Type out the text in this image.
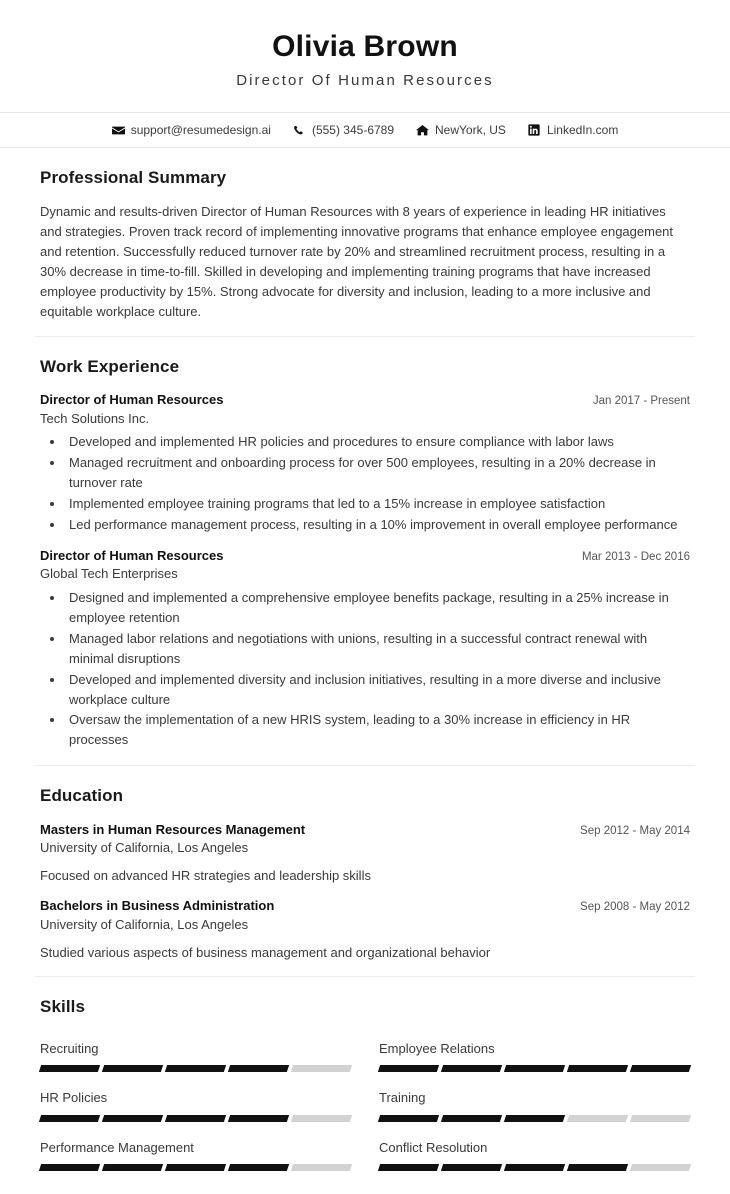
Olivia Brown
Director Of Human Resources
support@resumedesign.ai	(555) 345-6789	NewYork, US	LinkedIn.com
Professional Summary

Dynamic and results-driven Director of Human Resources with 8 years of experience in leading HR initiatives and strategies. Proven track record of implementing innovative programs that enhance employee engagement and retention. Successfully reduced turnover rate by 20% and streamlined recruitment process, resulting in a 30% decrease in time-to-fill. Skilled in developing and implementing training programs that have increased employee productivity by 15%. Strong advocate for diversity and inclusion, leading to a more inclusive and equitable workplace culture.

Work Experience
Director of Human Resources	Jan 2017 - Present
Tech Solutions Inc.
• Developed and implemented HR policies and procedures to ensure compliance with labor laws
• Managed recruitment and onboarding process for over 500 employees, resulting in a 20% decrease in turnover rate
• Implemented employee training programs that led to a 15% increase in employee satisfaction
• Led performance management process, resulting in a 10% improvement in overall employee performance
Director of Human Resources	Mar 2013 - Dec 2016
Global Tech Enterprises
• Designed and implemented a comprehensive employee benefits package, resulting in a 25% increase in employee retention
• Managed labor relations and negotiations with unions, resulting in a successful contract renewal with minimal disruptions
• Developed and implemented diversity and inclusion initiatives, resulting in a more diverse and inclusive workplace culture
• Oversaw the implementation of a new HRIS system, leading to a 30% increase in efficiency in HR processes
Education
Masters in Human Resources Management	Sep 2012 - May 2014
University of California, Los Angeles
Focused on advanced HR strategies and leadership skills
Bachelors in Business Administration	Sep 2008 - May 2012
University of California, Los Angeles
Studied various aspects of business management and organizational behavior
Skills
Recruiting	Employee Relations
HR Policies	Training
Performance Management	Conflict Resolution
